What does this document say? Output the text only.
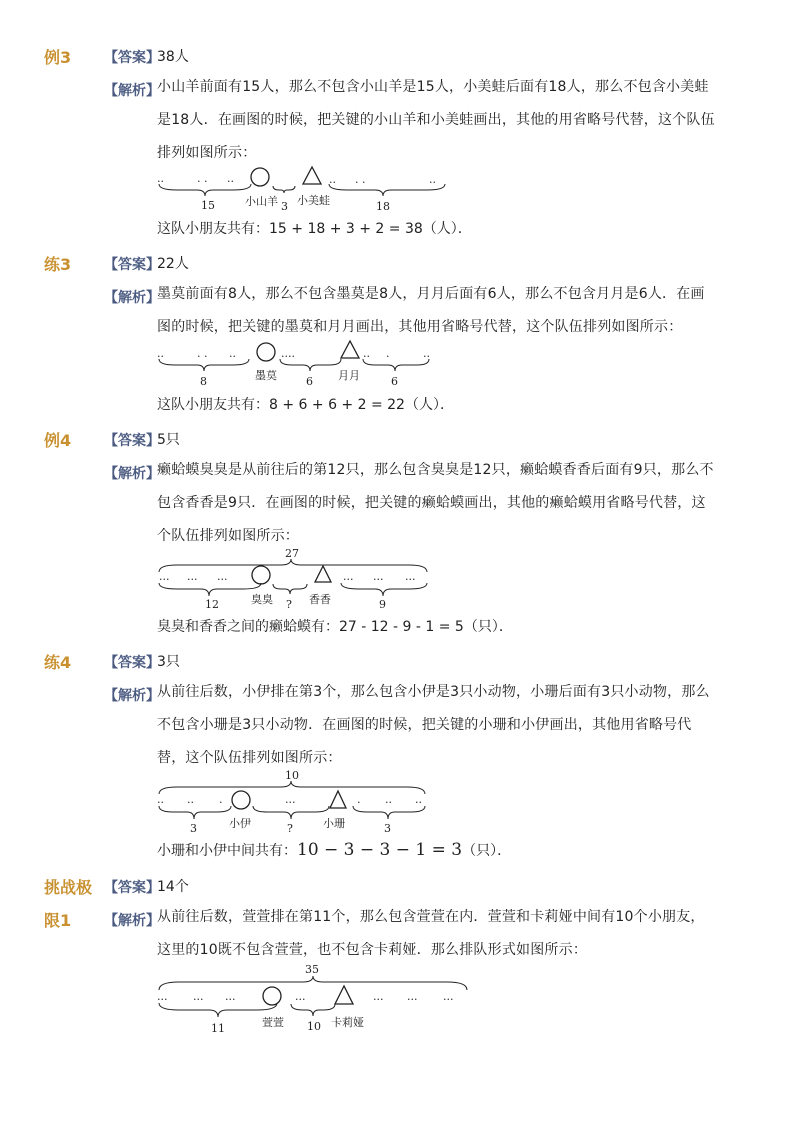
例3 【答案】
38人
【解析】
小山羊前面有15人，那么不包含小山羊是15人，小美蛙后面有18人，那么不包含小美蛙是18人．在画图的时候，把关键的小山羊和小美蛙画出，其他的用省略号代替，这个队伍排列如图所示：
..	. . ..
15	小山羊 3 小美蛙
.. . .	..
18
这队小朋友共有：15 + 18 + 3 + 2 = 38（人）．
练3 【答案】
22人
【解析】
墨莫前面有8人，那么不包含墨莫是8人，月月后面有6人，那么不包含月月是6人．在画图的时候，把关键的墨莫和月月画出，其他用省略号代替，这个队伍排列如图所示：
..	. . ..
8	墨莫
....
6 月月
.. .	..
6
这队小朋友共有：8 + 6 + 6 + 2 = 22（人）．
例4 【答案】
5只
【解析】
癞蛤蟆臭臭是从前往后的第12只，那么包含臭臭是12只，癞蛤蟆香香后面有9只，那么不包含香香是9只．在画图的时候，把关键的癞蛤蟆画出，其他的癞蛤蟆用省略号代替，这个队伍排列如图所示：
27
... ... ...
12	臭臭 ? 香香
... ... ...
9
臭臭和香香之间的癞蛤蟆有：27 - 12 - 9 - 1 = 5（只）．
练4 【答案】
3只
【解析】
从前往后数，小伊排在第3个，那么包含小伊是3只小动物，小珊后面有3只小动物，那么不包含小珊是3只小动物．在画图的时候，把关键的小珊和小伊画出，其他用省略号代替，这个队伍排列如图所示：
10
.. .. .
3	小伊
...
?	小珊
. .. ..
3
小珊和小伊中间共有：10 − 3 − 3 − 1 = 3（只）．
挑战极
限1
【答案】
14个
【解析】
从前往后数，萱萱排在第11个，那么包含萱萱在内．萱萱和卡莉娅中间有10个小朋友，这里的10既不包含萱萱，也不包含卡莉娅．那么排队形式如图所示：
35
... ... ...
11	萱萱
...
10 卡莉娅
... ... ...
